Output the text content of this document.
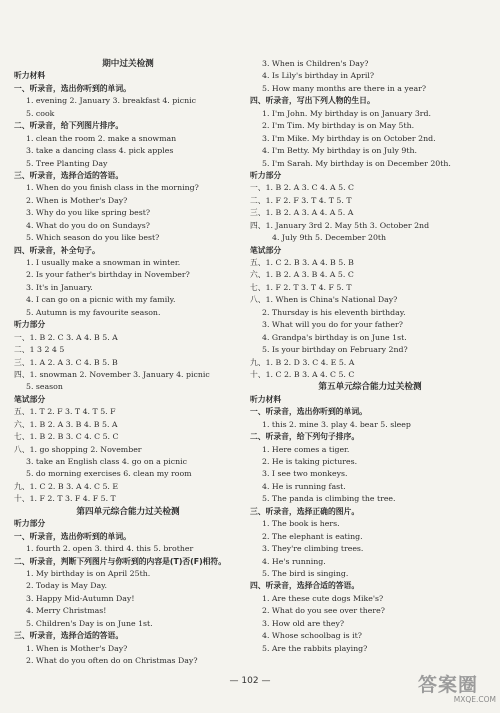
期中过关检测
听力材料
一、听录音，选出你听到的单词。
1. evening 2. January 3. breakfast 4. picnic
5. cook
二、听录音，给下列图片排序。
1. clean the room 2. make a snowman
3. take a dancing class 4. pick apples
5. Tree Planting Day
三、听录音，选择合适的答语。
1. When do you finish class in the morning?
2. When is Mother's Day?
3. Why do you like spring best?
4. What do you do on Sundays?
5. Which season do you like best?
四、听录音，补全句子。
1. I usually make a snowman in winter.
2. Is your father's birthday in November?
3. It's in January.
4. I can go on a picnic with my family.
5. Autumn is my favourite season.
听力部分
一、1. B 2. C 3. A 4. B 5. A
二、1 3 2 4 5
三、1. A 2. A 3. C 4. B 5. B
四、1. snowman 2. November 3. January 4. picnic
5. season
笔试部分
五、1. T 2. F 3. T 4. T 5. F
六、1. B 2. A 3. B 4. B 5. A
七、1. B 2. B 3. C 4. C 5. C
八、1. go shopping 2. November
3. take an English class 4. go on a picnic
5. do morning exercises 6. clean my room
九、1. C 2. B 3. A 4. C 5. E
十、1. F 2. T 3. F 4. F 5. T
第四单元综合能力过关检测
听力部分
一、听录音，选出你听到的单词。
1. fourth 2. open 3. third 4. this 5. brother
二、听录音，判断下列图片与你听到的内容是(T)否(F)相符。
1. My birthday is on April 25th.
2. Today is May Day.
3. Happy Mid-Autumn Day!
4. Merry Christmas!
5. Children's Day is on June 1st.
三、听录音，选择合适的答语。
1. When is Mother's Day?
2. What do you often do on Christmas Day?
3. When is Children's Day?
4. Is Lily's birthday in April?
5. How many months are there in a year?
四、听录音，写出下列人物的生日。
1. I'm John. My birthday is on January 3rd.
2. I'm Tim. My birthday is on May 5th.
3. I'm Mike. My birthday is on October 2nd.
4. I'm Betty. My birthday is on July 9th.
5. I'm Sarah. My birthday is on December 20th.
听力部分
一、1. B 2. A 3. C 4. A 5. C
二、1. F 2. F 3. T 4. T 5. T
三、1. B 2. A 3. A 4. A 5. A
四、1. January 3rd 2. May 5th 3. October 2nd
4. July 9th 5. December 20th
笔试部分
五、1. C 2. B 3. A 4. B 5. B
六、1. B 2. A 3. B 4. A 5. C
七、1. F 2. T 3. T 4. F 5. T
八、1. When is China's National Day?
2. Thursday is his eleventh birthday.
3. What will you do for your father?
4. Grandpa's birthday is on June 1st.
5. Is your birthday on February 2nd?
九、1. B 2. D 3. C 4. E 5. A
十、1. C 2. B 3. A 4. C 5. C
第五单元综合能力过关检测
听力材料
一、听录音，选出你听到的单词。
1. this 2. mine 3. play 4. bear 5. sleep
二、听录音，给下列句子排序。
1. Here comes a tiger.
2. He is taking pictures.
3. I see two monkeys.
4. He is running fast.
5. The panda is climbing the tree.
三、听录音，选择正确的图片。
1. The book is hers.
2. The elephant is eating.
3. They're climbing trees.
4. He's running.
5. The bird is singing.
四、听录音，选择合适的答语。
1. Are these cute dogs Mike's?
2. What do you see over there?
3. How old are they?
4. Whose schoolbag is it?
5. Are the rabbits playing?
— 102 —	答案圈
MXQE.COM
